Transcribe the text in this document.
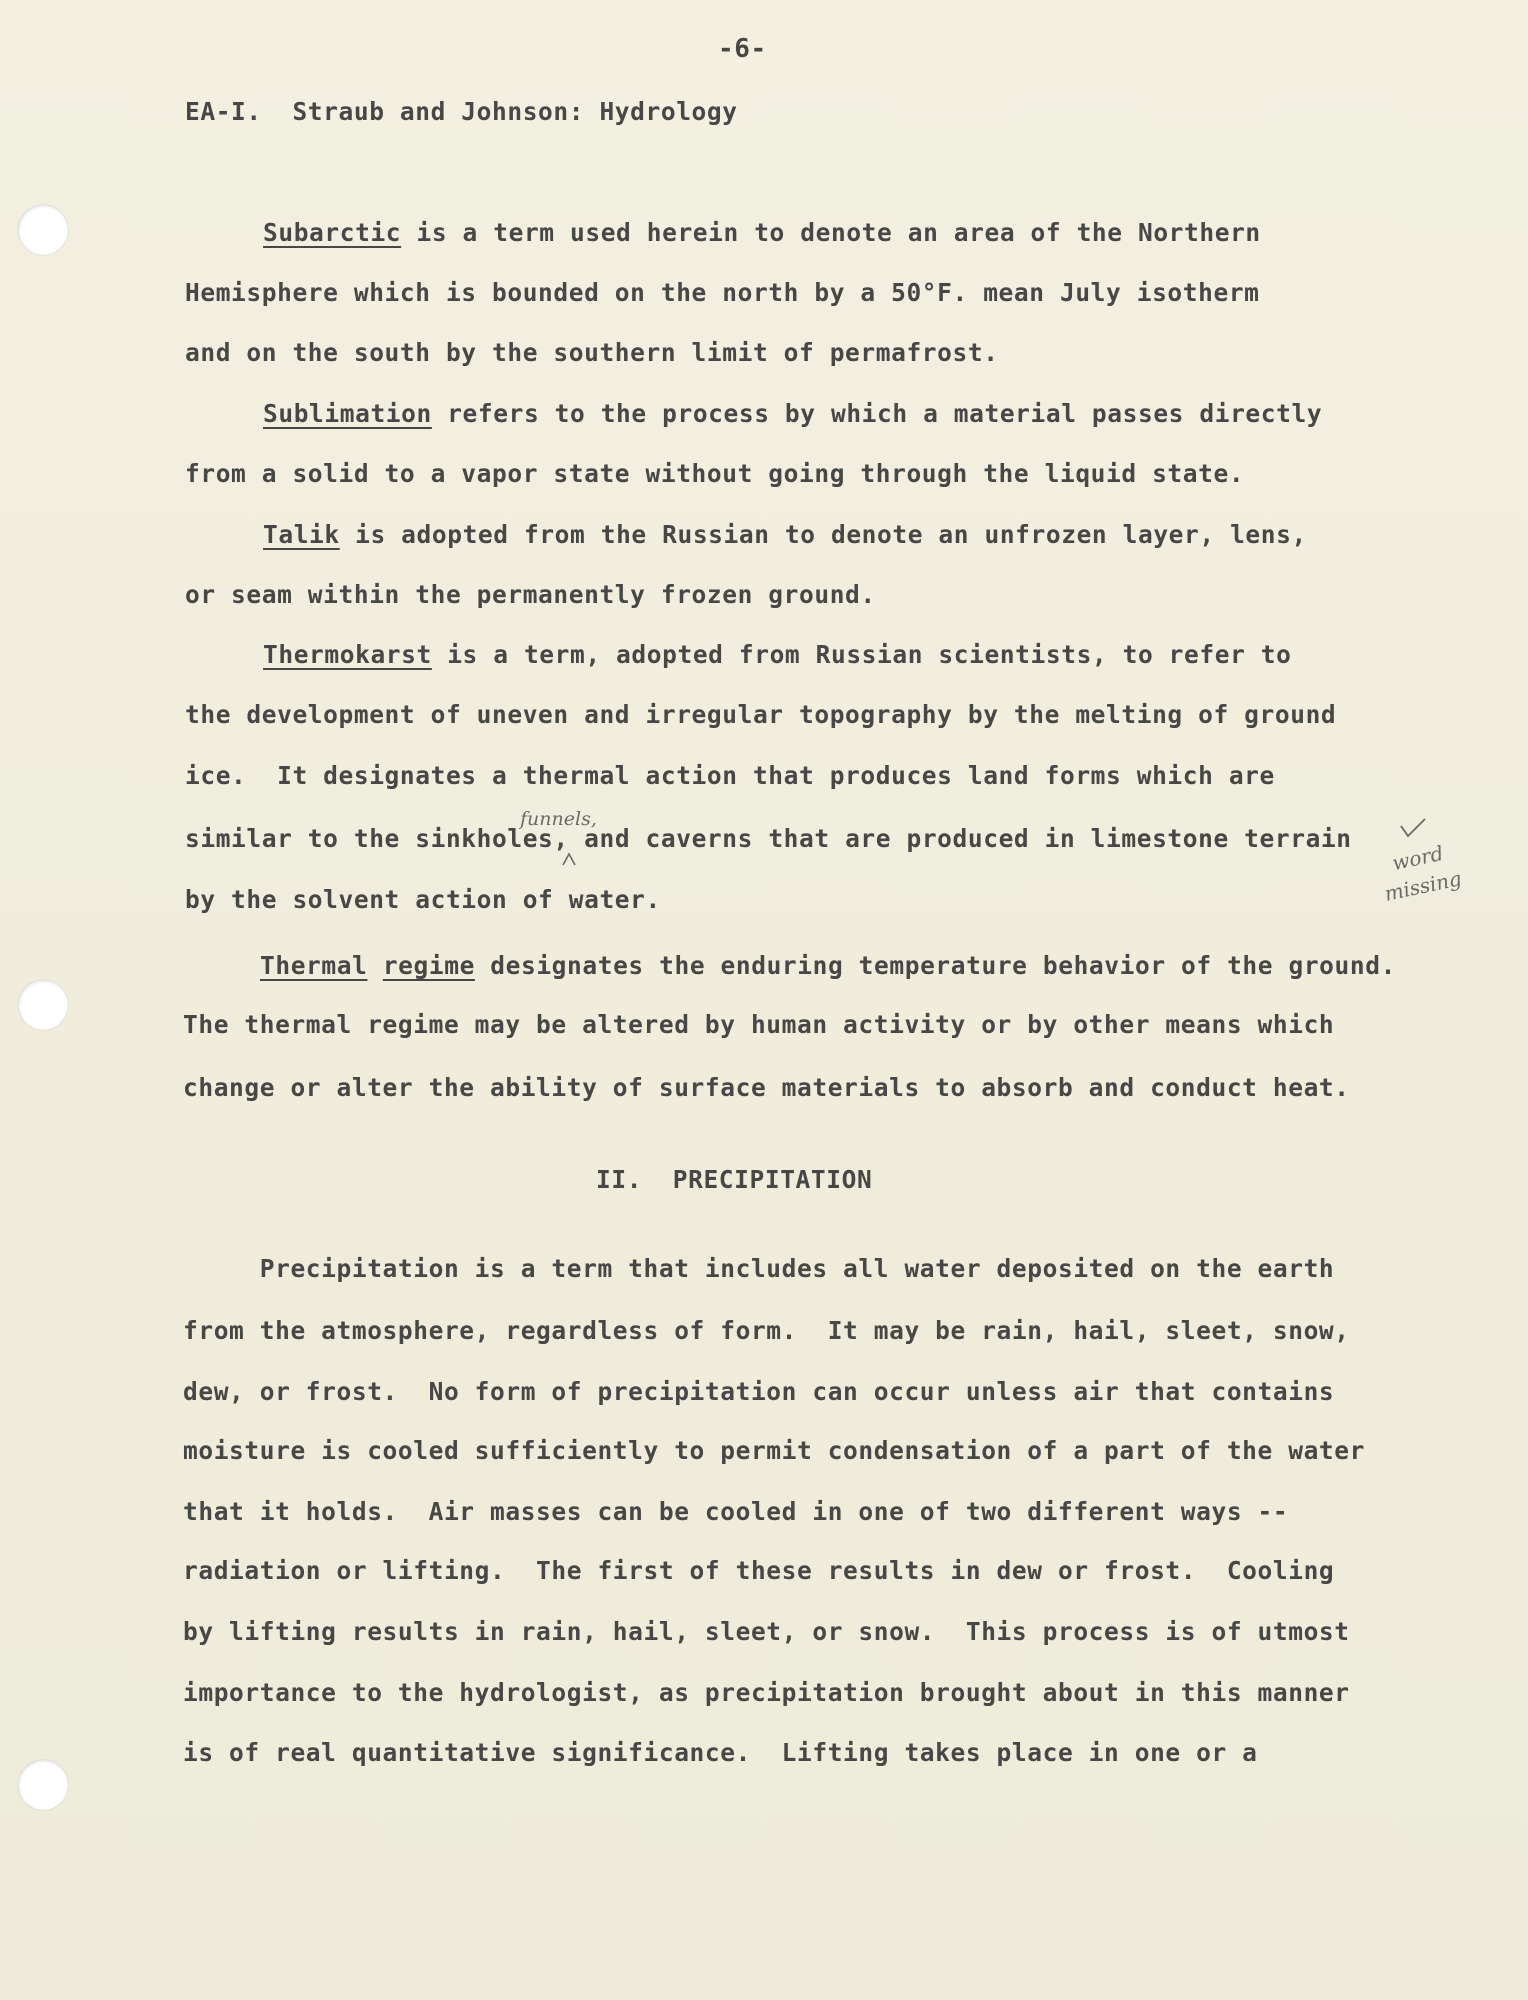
-6-
EA-I.  Straub and Johnson: Hydrology
Subarctic is a term used herein to denote an area of the Northern
Hemisphere which is bounded on the north by a 50°F. mean July isotherm
and on the south by the southern limit of permafrost.
Sublimation refers to the process by which a material passes directly
from a solid to a vapor state without going through the liquid state.
Talik is adopted from the Russian to denote an unfrozen layer, lens,
or seam within the permanently frozen ground.
Thermokarst is a term, adopted from Russian scientists, to refer to
the development of uneven and irregular topography by the melting of ground
ice.  It designates a thermal action that produces land forms which are
similar to the sinkholes, and caverns that are produced in limestone terrain
by the solvent action of water.
funnels,
word
missing
Thermal regime designates the enduring temperature behavior of the ground.
The thermal regime may be altered by human activity or by other means which
change or alter the ability of surface materials to absorb and conduct heat.
II.  PRECIPITATION
Precipitation is a term that includes all water deposited on the earth
from the atmosphere, regardless of form.  It may be rain, hail, sleet, snow,
dew, or frost.  No form of precipitation can occur unless air that contains
moisture is cooled sufficiently to permit condensation of a part of the water
that it holds.  Air masses can be cooled in one of two different ways --
radiation or lifting.  The first of these results in dew or frost.  Cooling
by lifting results in rain, hail, sleet, or snow.  This process is of utmost
importance to the hydrologist, as precipitation brought about in this manner
is of real quantitative significance.  Lifting takes place in one or a
